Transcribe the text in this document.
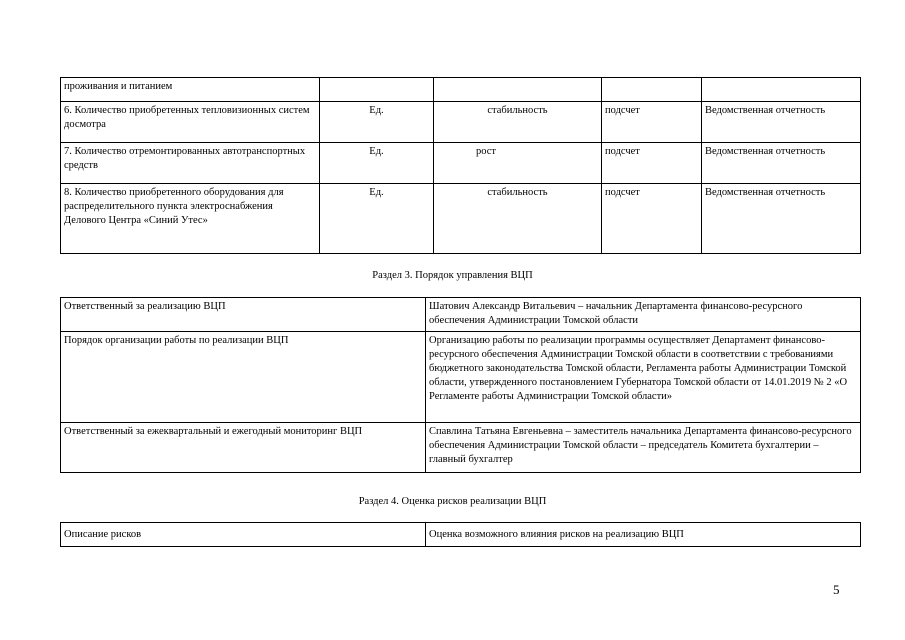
проживания и питанием				
6. Количество приобретенных тепловизионных систем досмотра	Ед.	стабильность	подсчет	Ведомственная отчетность
7. Количество отремонтированных автотранспортных средств	Ед.	рост	подсчет	Ведомственная отчетность
8. Количество приобретенного оборудования для распределительного пункта электроснабжения Делового Центра «Синий Утес»	Ед.	стабильность	подсчет	Ведомственная отчетность
Раздел 3. Порядок управления ВЦП
Ответственный за реализацию ВЦП	Шатович Александр Витальевич – начальник Департамента финансово-ресурсного обеспечения Администрации Томской области
Порядок организации работы по реализации ВЦП	Организацию работы по реализации программы осуществляет Департамент финансово-ресурсного обеспечения Администрации Томской области в соответствии с требованиями бюджетного законодательства Томской области, Регламента работы Администрации Томской области, утвержденного постановлением Губернатора Томской области от 14.01.2019 № 2 «О Регламенте работы Администрации Томской области»
Ответственный за ежеквартальный и ежегодный мониторинг ВЦП	Спавлина Татьяна Евгеньевна – заместитель начальника Департамента финансово-ресурсного обеспечения Администрации Томской области – председатель Комитета бухгалтерии – главный бухгалтер
Раздел 4. Оценка рисков реализации ВЦП
Описание рисков	Оценка возможного влияния рисков на реализацию ВЦП
5
